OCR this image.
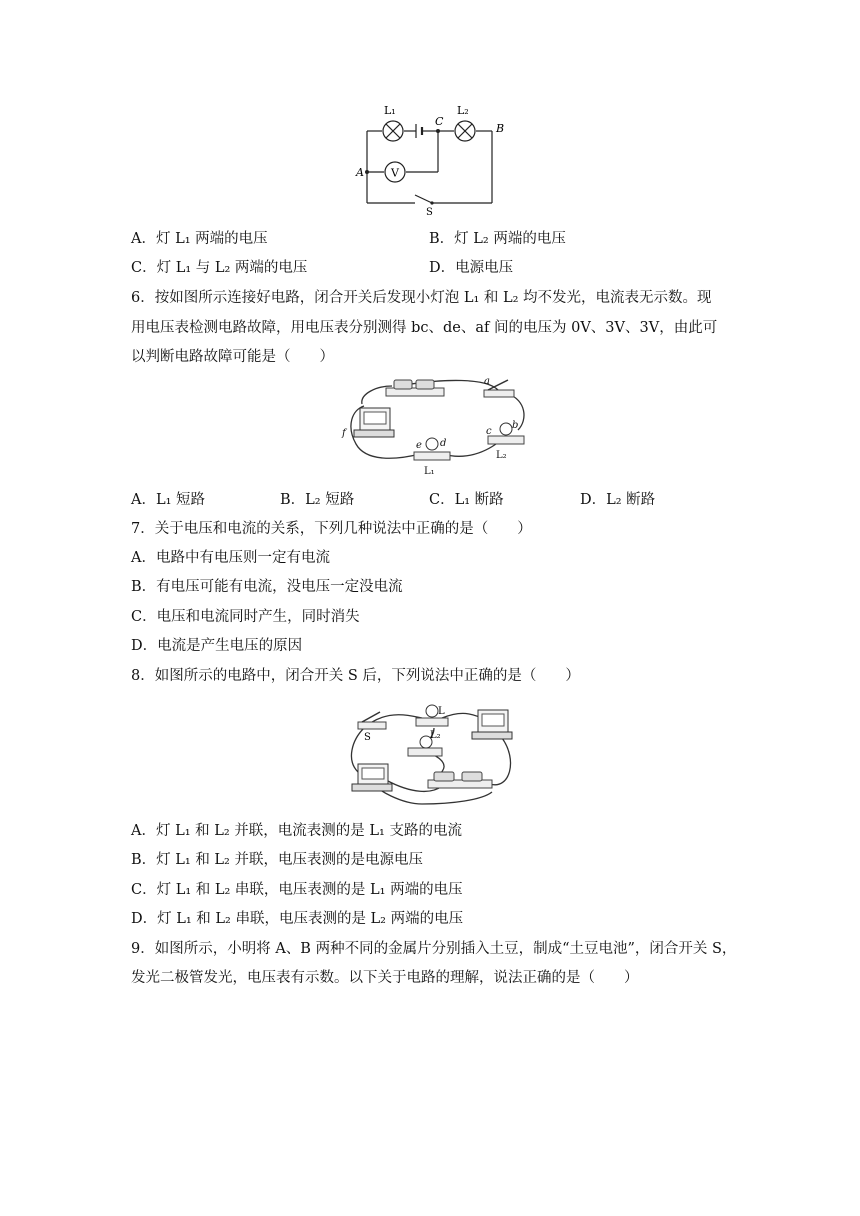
V
L₁	L₂
C
B
A
S
A．灯 L₁ 两端的电压	B．灯 L₂ 两端的电压
C．灯 L₁ 与 L₂ 两端的电压	D．电源电压
6．按如图所示连接好电路，闭合开关后发现小灯泡 L₁ 和 L₂ 均不发光，电流表无示数。现
用电压表检测电路故障，用电压表分别测得 bc、de、af 间的电压为 0V、3V、3V，由此可
以判断电路故障可能是（　　）
a
b
c
d
e
f
L₁
L₂
A．L₁ 短路	B．L₂ 短路	C．L₁ 断路	D．L₂ 断路
7．关于电压和电流的关系，下列几种说法中正确的是（　　）
A．电路中有电压则一定有电流
B．有电压可能有电流，没电压一定没电流
C．电压和电流同时产生，同时消失
D．电流是产生电压的原因
8．如图所示的电路中，闭合开关 S 后，下列说法中正确的是（　　）
S
L
L₂
A．灯 L₁ 和 L₂ 并联，电流表测的是 L₁ 支路的电流
B．灯 L₁ 和 L₂ 并联，电压表测的是电源电压
C．灯 L₁ 和 L₂ 串联，电压表测的是 L₁ 两端的电压
D．灯 L₁ 和 L₂ 串联，电压表测的是 L₂ 两端的电压
9．如图所示，小明将 A、B 两种不同的金属片分别插入土豆，制成“土豆电池”，闭合开关 S，
发光二极管发光，电压表有示数。以下关于电路的理解，说法正确的是（　　）
